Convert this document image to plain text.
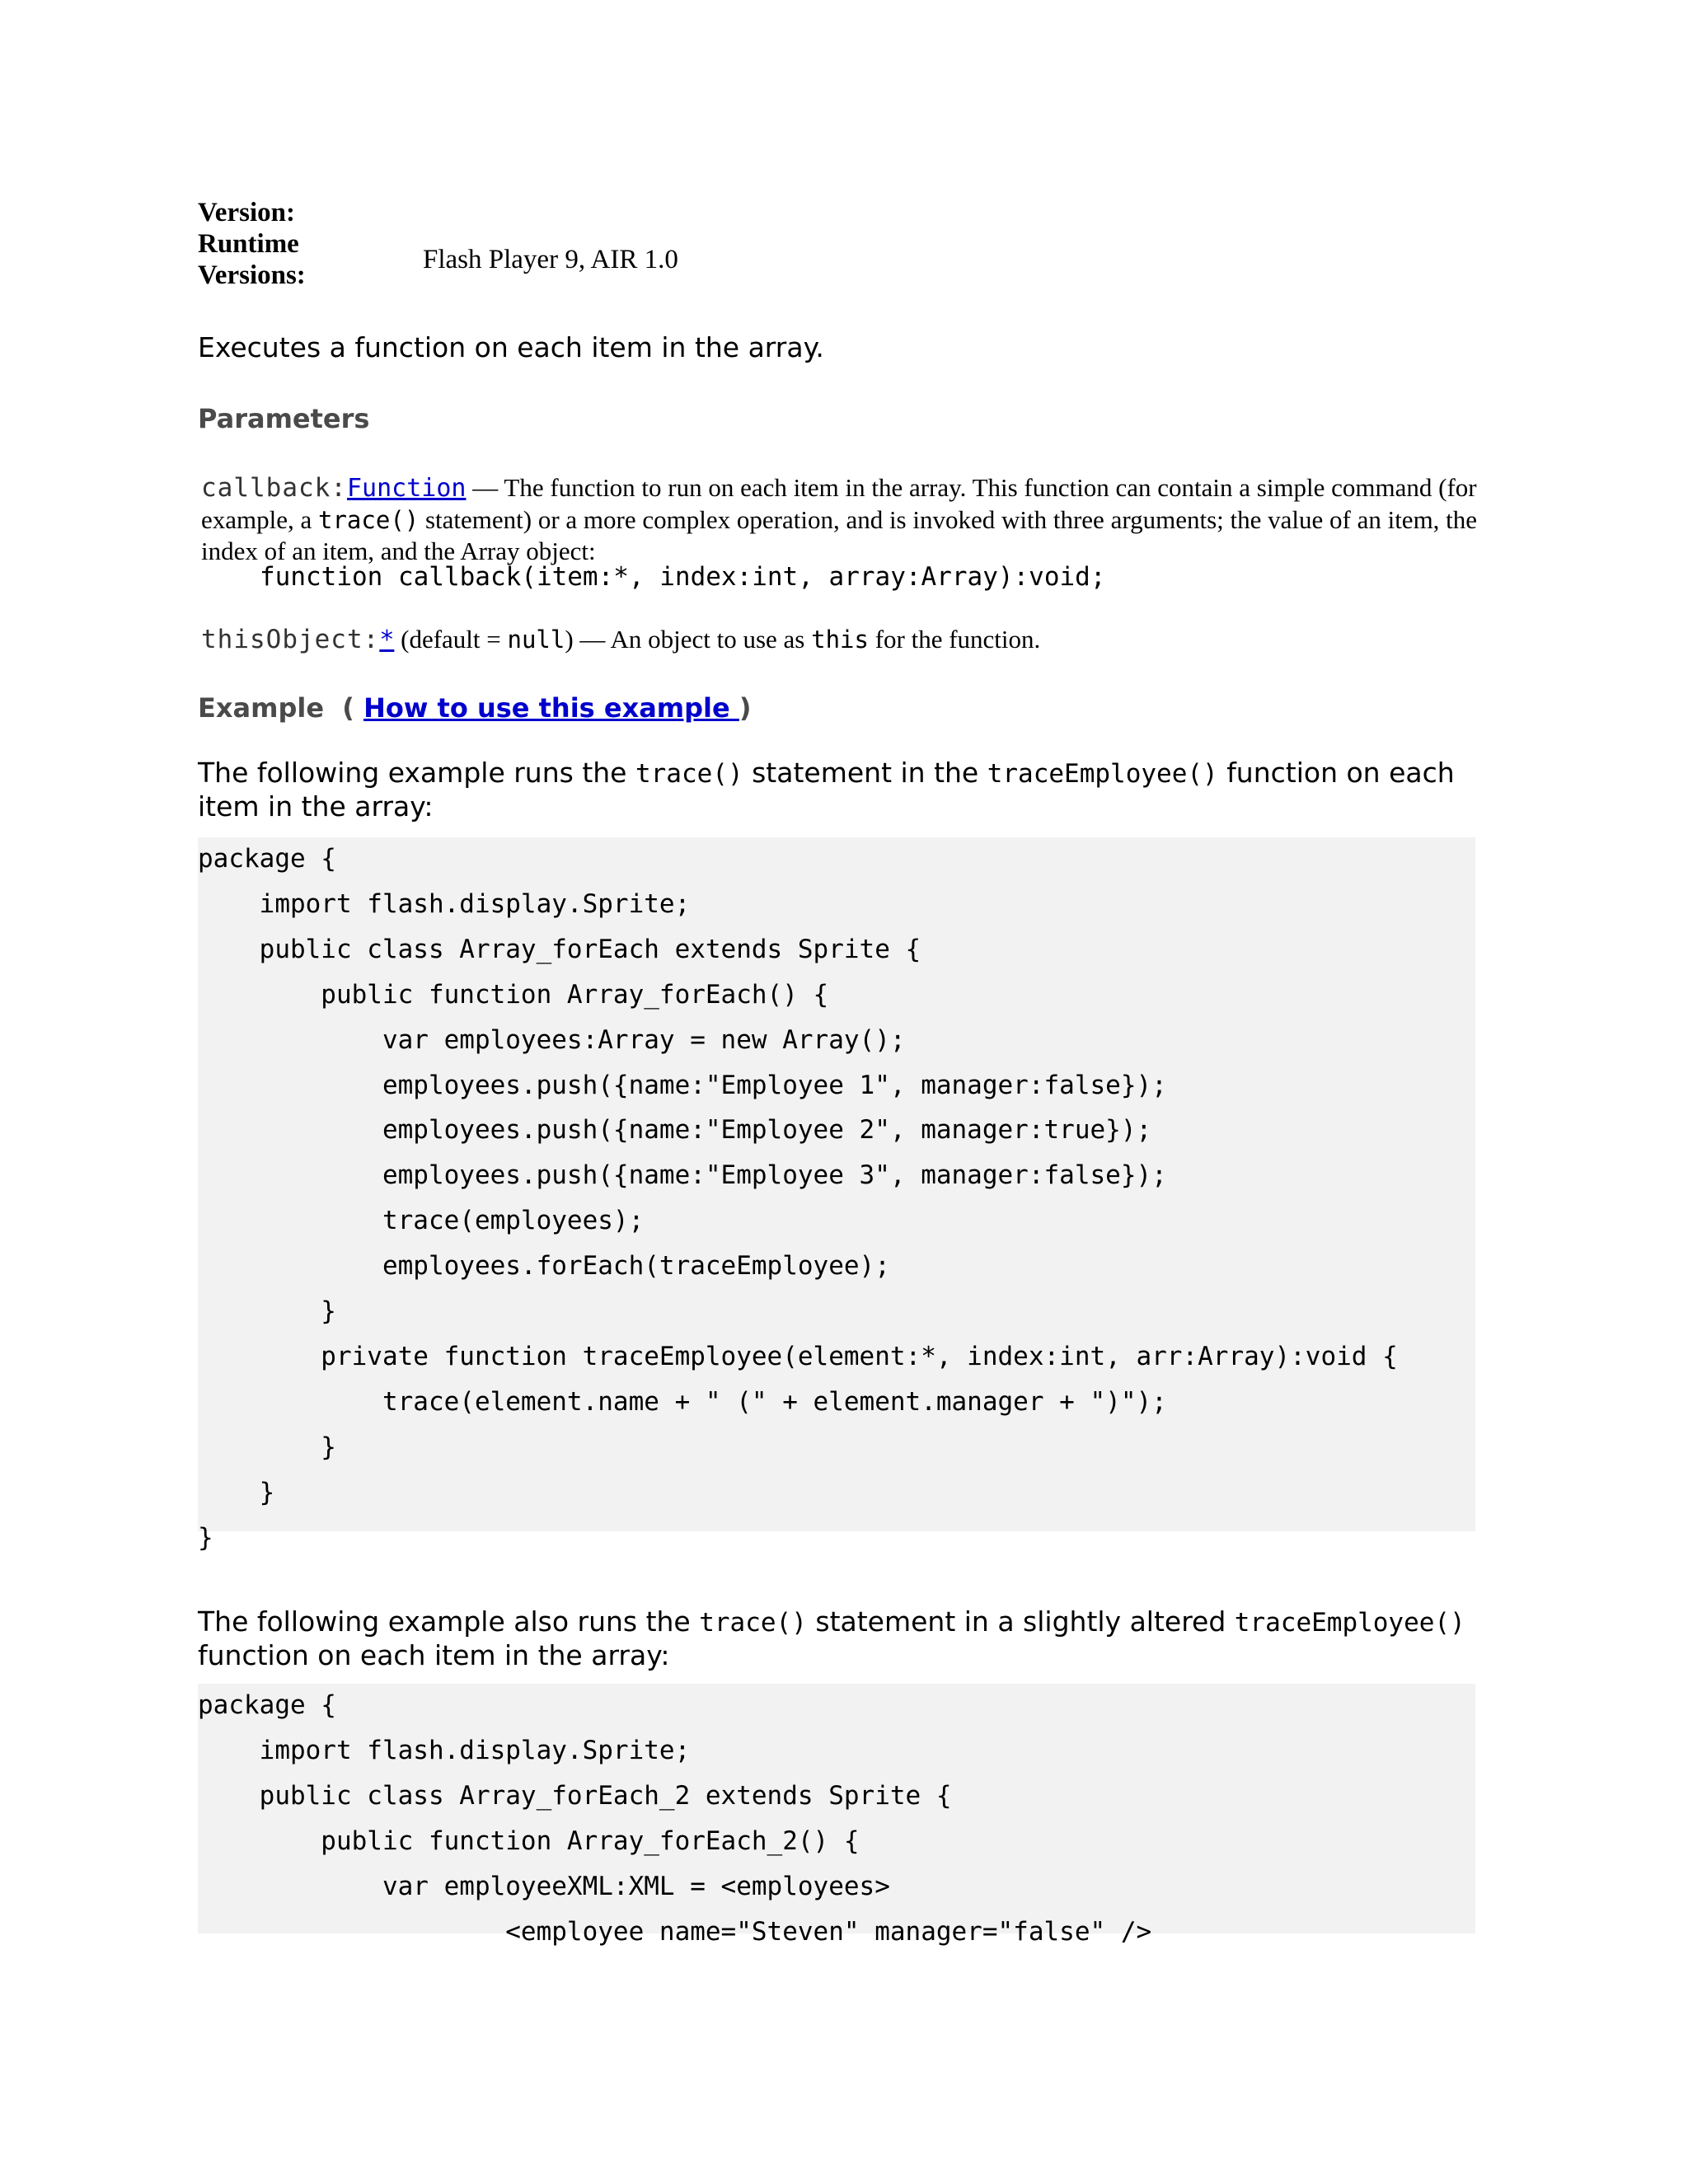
Version:
Runtime
Versions:
Flash Player 9, AIR 1.0
Executes a function on each item in the array.
Parameters
callback:Function — The function to run on each item in the array. This function can contain a simple command (for example, a trace() statement) or a more complex operation, and is invoked with three arguments; the value of an item, the index of an item, and the Array object:
function callback(item:*, index:int, array:Array):void;
thisObject:* (default = null) — An object to use as this for the function.
Example ( How to use this example )
The following example runs the trace() statement in the traceEmployee() function on each item in the array:
package {
import flash.display.Sprite;
public class Array_forEach extends Sprite {
public function Array_forEach() {
var employees:Array = new Array();
employees.push({name:"Employee 1", manager:false});
employees.push({name:"Employee 2", manager:true});
employees.push({name:"Employee 3", manager:false});
trace(employees);
employees.forEach(traceEmployee);
}
private function traceEmployee(element:*, index:int, arr:Array):void {
trace(element.name + " (" + element.manager + ")");
}
}
}
The following example also runs the trace() statement in a slightly altered traceEmployee() function on each item in the array:
package {
import flash.display.Sprite;
public class Array_forEach_2 extends Sprite {
public function Array_forEach_2() {
var employeeXML:XML = <employees>
<employee name="Steven" manager="false" />
